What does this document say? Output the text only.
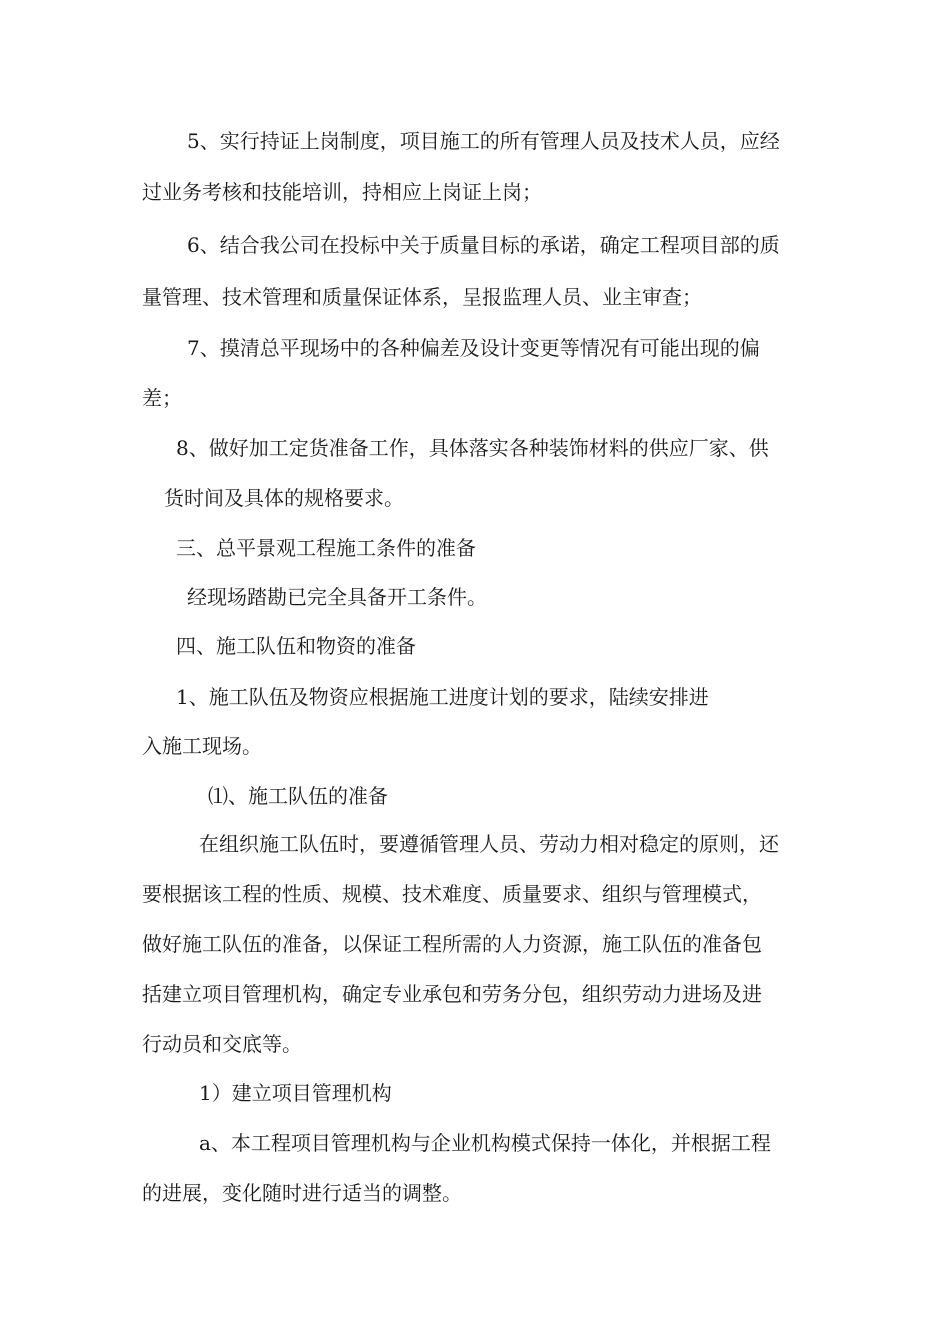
5、实行持证上岗制度，项目施工的所有管理人员及技术人员，应经
过业务考核和技能培训，持相应上岗证上岗；
6、结合我公司在投标中关于质量目标的承诺，确定工程项目部的质
量管理、技术管理和质量保证体系，呈报监理人员、业主审查；
7、摸清总平现场中的各种偏差及设计变更等情况有可能出现的偏
差；
8、做好加工定货准备工作，具体落实各种装饰材料的供应厂家、供
货时间及具体的规格要求。
三、总平景观工程施工条件的准备
经现场踏勘已完全具备开工条件。
四、施工队伍和物资的准备
1、施工队伍及物资应根据施工进度计划的要求，陆续安排进
入施工现场。
⑴、施工队伍的准备
在组织施工队伍时，要遵循管理人员、劳动力相对稳定的原则，还
要根据该工程的性质、规模、技术难度、质量要求、组织与管理模式，
做好施工队伍的准备，以保证工程所需的人力资源，施工队伍的准备包
括建立项目管理机构，确定专业承包和劳务分包，组织劳动力进场及进
行动员和交底等。
1）建立项目管理机构
a、本工程项目管理机构与企业机构模式保持一体化，并根据工程
的进展，变化随时进行适当的调整。
